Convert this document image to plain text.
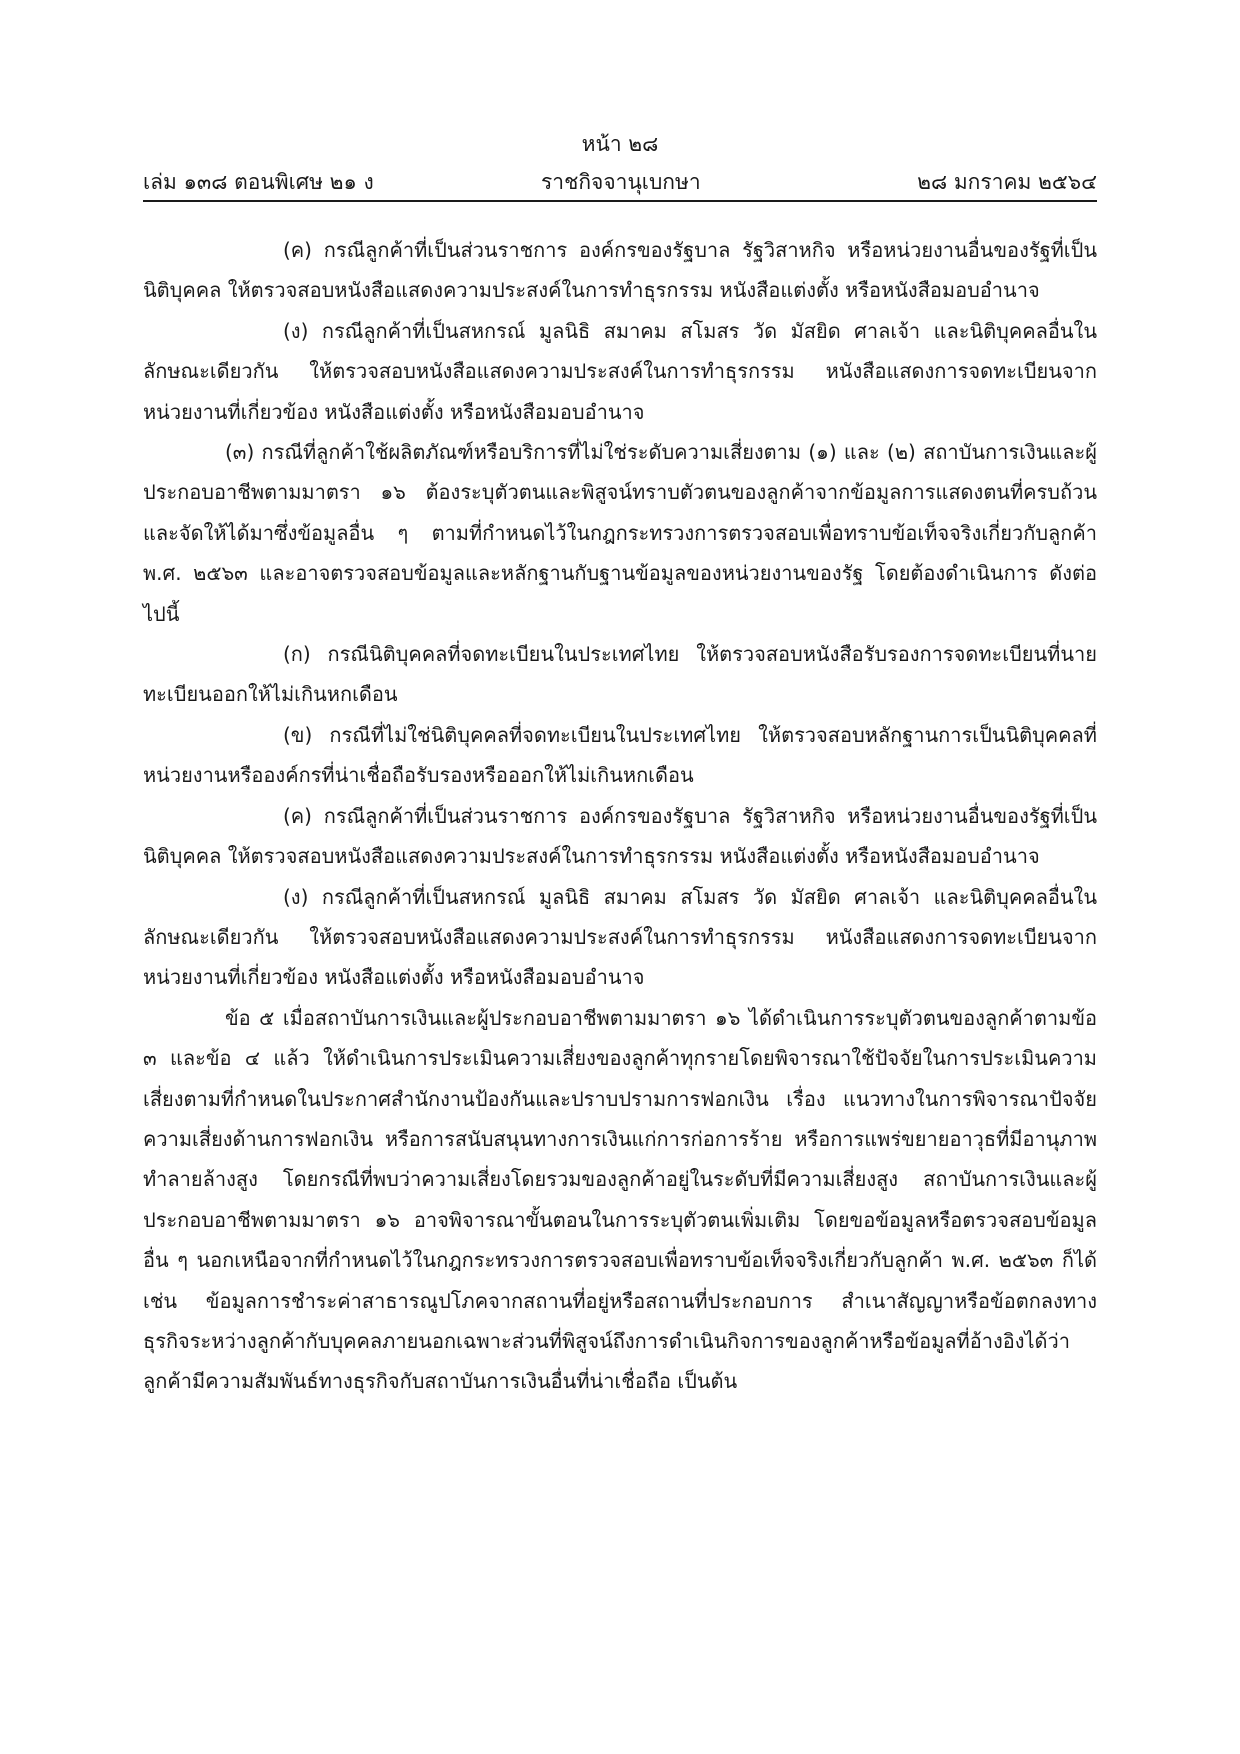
หน้า ๒๘
เล่ม ๑๓๘ ตอนพิเศษ ๒๑ ง	ราชกิจจานุเบกษา	๒๘ มกราคม ๒๕๖๔

(ค) กรณีลูกค้าที่เป็นส่วนราชการ องค์กรของรัฐบาล รัฐวิสาหกิจ หรือหน่วยงานอื่นของรัฐที่เป็นนิติบุคคล ให้ตรวจสอบหนังสือแสดงความประสงค์ในการทำธุรกรรม หนังสือแต่งตั้ง หรือหนังสือมอบอำนาจ

(ง) กรณีลูกค้าที่เป็นสหกรณ์ มูลนิธิ สมาคม สโมสร วัด มัสยิด ศาลเจ้า และนิติบุคคลอื่นในลักษณะเดียวกัน ให้ตรวจสอบหนังสือแสดงความประสงค์ในการทำธุรกรรม หนังสือแสดงการจดทะเบียนจากหน่วยงานที่เกี่ยวข้อง หนังสือแต่งตั้ง หรือหนังสือมอบอำนาจ

(๓) กรณีที่ลูกค้าใช้ผลิตภัณฑ์หรือบริการที่ไม่ใช่ระดับความเสี่ยงตาม (๑) และ (๒) สถาบันการเงินและผู้ประกอบอาชีพตามมาตรา ๑๖ ต้องระบุตัวตนและพิสูจน์ทราบตัวตนของลูกค้าจากข้อมูลการแสดงตนที่ครบถ้วนและจัดให้ได้มาซึ่งข้อมูลอื่น ๆ ตามที่กำหนดไว้ในกฎกระทรวงการตรวจสอบเพื่อทราบข้อเท็จจริงเกี่ยวกับลูกค้า พ.ศ. ๒๕๖๓ และอาจตรวจสอบข้อมูลและหลักฐานกับฐานข้อมูลของหน่วยงานของรัฐ โดยต้องดำเนินการ ดังต่อไปนี้

(ก) กรณีนิติบุคคลที่จดทะเบียนในประเทศไทย ให้ตรวจสอบหนังสือรับรองการจดทะเบียนที่นายทะเบียนออกให้ไม่เกินหกเดือน

(ข) กรณีที่ไม่ใช่นิติบุคคลที่จดทะเบียนในประเทศไทย ให้ตรวจสอบหลักฐานการเป็นนิติบุคคลที่หน่วยงานหรือองค์กรที่น่าเชื่อถือรับรองหรือออกให้ไม่เกินหกเดือน

(ค) กรณีลูกค้าที่เป็นส่วนราชการ องค์กรของรัฐบาล รัฐวิสาหกิจ หรือหน่วยงานอื่นของรัฐที่เป็นนิติบุคคล ให้ตรวจสอบหนังสือแสดงความประสงค์ในการทำธุรกรรม หนังสือแต่งตั้ง หรือหนังสือมอบอำนาจ

(ง) กรณีลูกค้าที่เป็นสหกรณ์ มูลนิธิ สมาคม สโมสร วัด มัสยิด ศาลเจ้า และนิติบุคคลอื่นในลักษณะเดียวกัน ให้ตรวจสอบหนังสือแสดงความประสงค์ในการทำธุรกรรม หนังสือแสดงการจดทะเบียนจากหน่วยงานที่เกี่ยวข้อง หนังสือแต่งตั้ง หรือหนังสือมอบอำนาจ

ข้อ ๕ เมื่อสถาบันการเงินและผู้ประกอบอาชีพตามมาตรา ๑๖ ได้ดำเนินการระบุตัวตนของลูกค้าตามข้อ ๓ และข้อ ๔ แล้ว ให้ดำเนินการประเมินความเสี่ยงของลูกค้าทุกรายโดยพิจารณาใช้ปัจจัยในการประเมินความเสี่ยงตามที่กำหนดในประกาศสำนักงานป้องกันและปราบปรามการฟอกเงิน เรื่อง แนวทางในการพิจารณาปัจจัยความเสี่ยงด้านการฟอกเงิน หรือการสนับสนุนทางการเงินแก่การก่อการร้าย หรือการแพร่ขยายอาวุธที่มีอานุภาพทำลายล้างสูง โดยกรณีที่พบว่าความเสี่ยงโดยรวมของลูกค้าอยู่ในระดับที่มีความเสี่ยงสูง สถาบันการเงินและผู้ประกอบอาชีพตามมาตรา ๑๖ อาจพิจารณาขั้นตอนในการระบุตัวตนเพิ่มเติม โดยขอข้อมูลหรือตรวจสอบข้อมูลอื่น ๆ นอกเหนือจากที่กำหนดไว้ในกฎกระทรวงการตรวจสอบเพื่อทราบข้อเท็จจริงเกี่ยวกับลูกค้า พ.ศ. ๒๕๖๓ ก็ได้ เช่น ข้อมูลการชำระค่าสาธารณูปโภคจากสถานที่อยู่หรือสถานที่ประกอบการ สำเนาสัญญาหรือข้อตกลงทางธุรกิจระหว่างลูกค้ากับบุคคลภายนอกเฉพาะส่วนที่พิสูจน์ถึงการดำเนินกิจการของลูกค้าหรือข้อมูลที่อ้างอิงได้ว่าลูกค้ามีความสัมพันธ์ทางธุรกิจกับสถาบันการเงินอื่นที่น่าเชื่อถือ เป็นต้น
